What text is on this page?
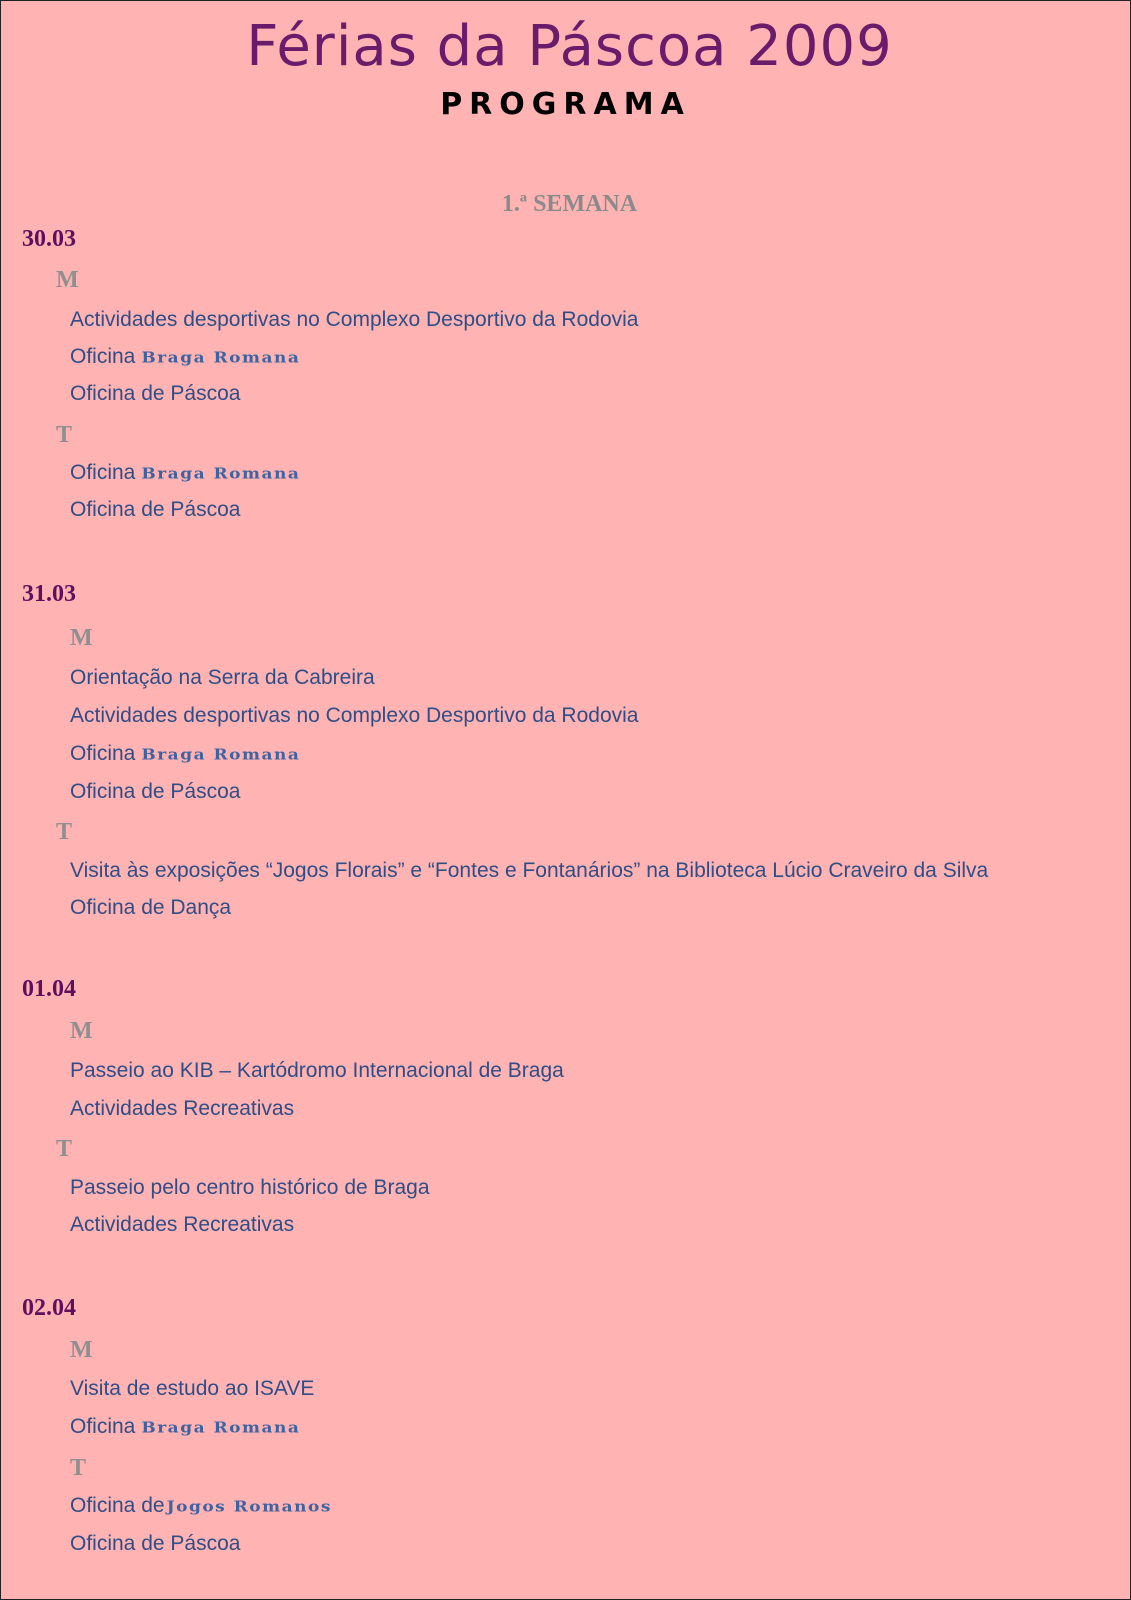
Férias da Páscoa 2009
PROGRAMA
1.ª SEMANA
30.03
M
Actividades desportivas no Complexo Desportivo da Rodovia
Oficina Braga Romana
Oficina de Páscoa
T
Oficina Braga Romana
Oficina de Páscoa
31.03
M
Orientação na Serra da Cabreira
Actividades desportivas no Complexo Desportivo da Rodovia
Oficina Braga Romana
Oficina de Páscoa
T
Visita às exposições “Jogos Florais” e “Fontes e Fontanários” na Biblioteca Lúcio Craveiro da Silva
Oficina de Dança
01.04
M
Passeio ao KIB – Kartódromo Internacional de Braga
Actividades Recreativas
T
Passeio pelo centro histórico de Braga
Actividades Recreativas
02.04
M
Visita de estudo ao ISAVE
Oficina Braga Romana
T
Oficina de Jogos Romanos
Oficina de Páscoa
